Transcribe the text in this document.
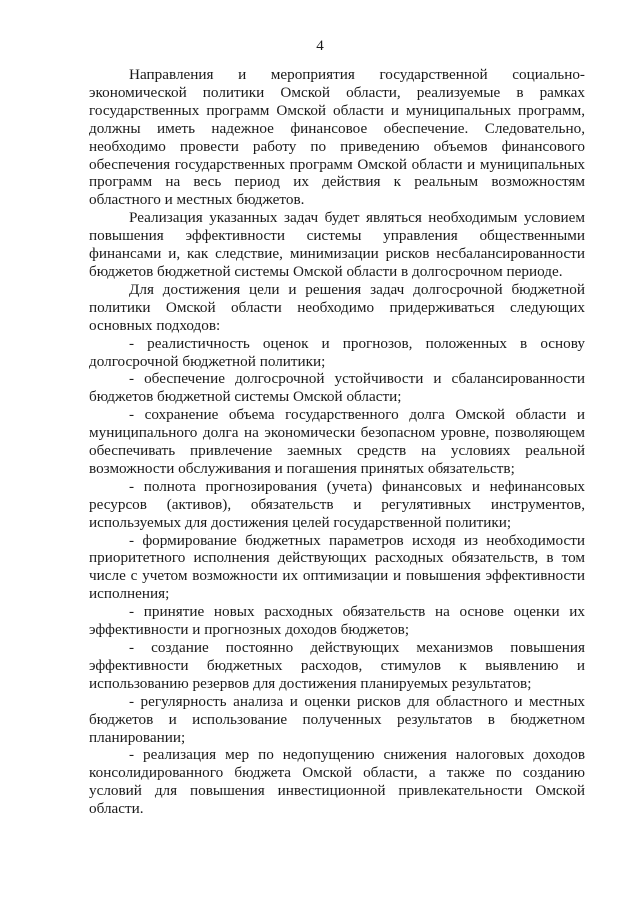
4

Направления и мероприятия государственной социально-экономической политики Омской области, реализуемые в рамках государственных программ Омской области и муниципальных программ, должны иметь надежное финансовое обеспечение. Следовательно, необходимо провести работу по приведению объемов финансового обеспечения государственных программ Омской области и муниципальных программ на весь период их действия к реальным возможностям областного и местных бюджетов.

Реализация указанных задач будет являться необходимым условием повышения эффективности системы управления общественными финансами и, как следствие, минимизации рисков несбалансированности бюджетов бюджетной системы Омской области в долгосрочном периоде.

Для достижения цели и решения задач долгосрочной бюджетной политики Омской области необходимо придерживаться следующих основных подходов:

- реалистичность оценок и прогнозов, положенных в основу долгосрочной бюджетной политики;

- обеспечение долгосрочной устойчивости и сбалансированности бюджетов бюджетной системы Омской области;

- сохранение объема государственного долга Омской области и муниципального долга на экономически безопасном уровне, позволяющем обеспечивать привлечение заемных средств на условиях реальной возможности обслуживания и погашения принятых обязательств;

- полнота прогнозирования (учета) финансовых и нефинансовых ресурсов (активов), обязательств и регулятивных инструментов, используемых для достижения целей государственной политики;

- формирование бюджетных параметров исходя из необходимости приоритетного исполнения действующих расходных обязательств, в том числе с учетом возможности их оптимизации и повышения эффективности исполнения;

- принятие новых расходных обязательств на основе оценки их эффективности и прогнозных доходов бюджетов;

- создание постоянно действующих механизмов повышения эффективности бюджетных расходов, стимулов к выявлению и использованию резервов для достижения планируемых результатов;

- регулярность анализа и оценки рисков для областного и местных бюджетов и использование полученных результатов в бюджетном планировании;

- реализация мер по недопущению снижения налоговых доходов консолидированного бюджета Омской области, а также по созданию условий для повышения инвестиционной привлекательности Омской области.
